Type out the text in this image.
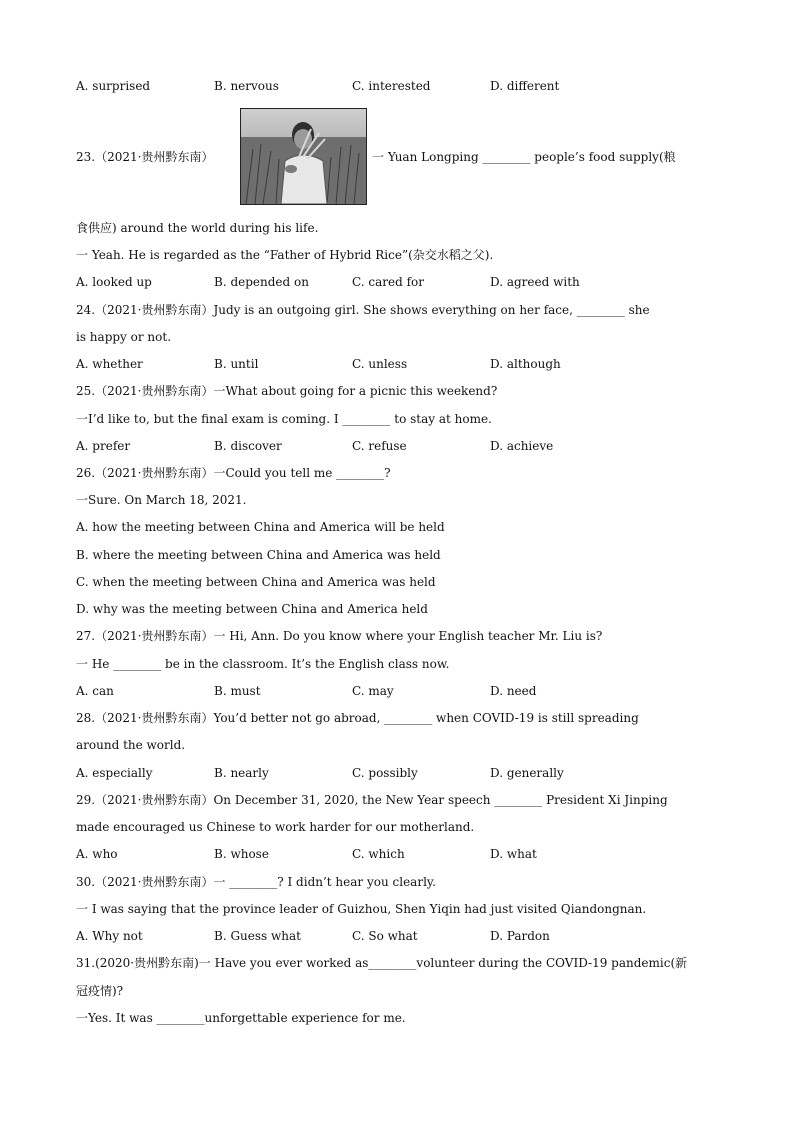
A. surprised	B. nervous	C. interested	D. different
23.（2021·贵州黔东南）	一 Yuan Longping ________ people’s food supply(粮
食供应) around the world during his life.
一 Yeah. He is regarded as the “Father of Hybrid Rice”(杂交水稻之父).
A. looked up	B. depended on	C. cared for	D. agreed with
24.（2021·贵州黔东南）Judy is an outgoing girl. She shows everything on her face, ________ she
is happy or not.
A. whether	B. until	C. unless	D. although
25.（2021·贵州黔东南）一What about going for a picnic this weekend?
一I’d like to, but the final exam is coming. I ________ to stay at home.
A. prefer	B. discover	C. refuse	D. achieve
26.（2021·贵州黔东南）一Could you tell me ________?
一Sure. On March 18, 2021.
A. how the meeting between China and America will be held
B. where the meeting between China and America was held
C. when the meeting between China and America was held
D. why was the meeting between China and America held
27.（2021·贵州黔东南）一 Hi, Ann. Do you know where your English teacher Mr. Liu is?
一 He ________ be in the classroom. It’s the English class now.
A. can	B. must	C. may	D. need
28.（2021·贵州黔东南）You’d better not go abroad, ________ when COVID-19 is still spreading
around the world.
A. especially	B. nearly	C. possibly	D. generally
29.（2021·贵州黔东南）On December 31, 2020, the New Year speech ________ President Xi Jinping
made encouraged us Chinese to work harder for our motherland.
A. who	B. whose	C. which	D. what
30.（2021·贵州黔东南）一 ________? I didn’t hear you clearly.
一 I was saying that the province leader of Guizhou, Shen Yiqin had just visited Qiandongnan.
A. Why not	B. Guess what	C. So what	D. Pardon
31.(2020·贵州黔东南)一 Have you ever worked as________volunteer during the COVID-19 pandemic(新
冠疫情)?
一Yes. It was ________unforgettable experience for me.
